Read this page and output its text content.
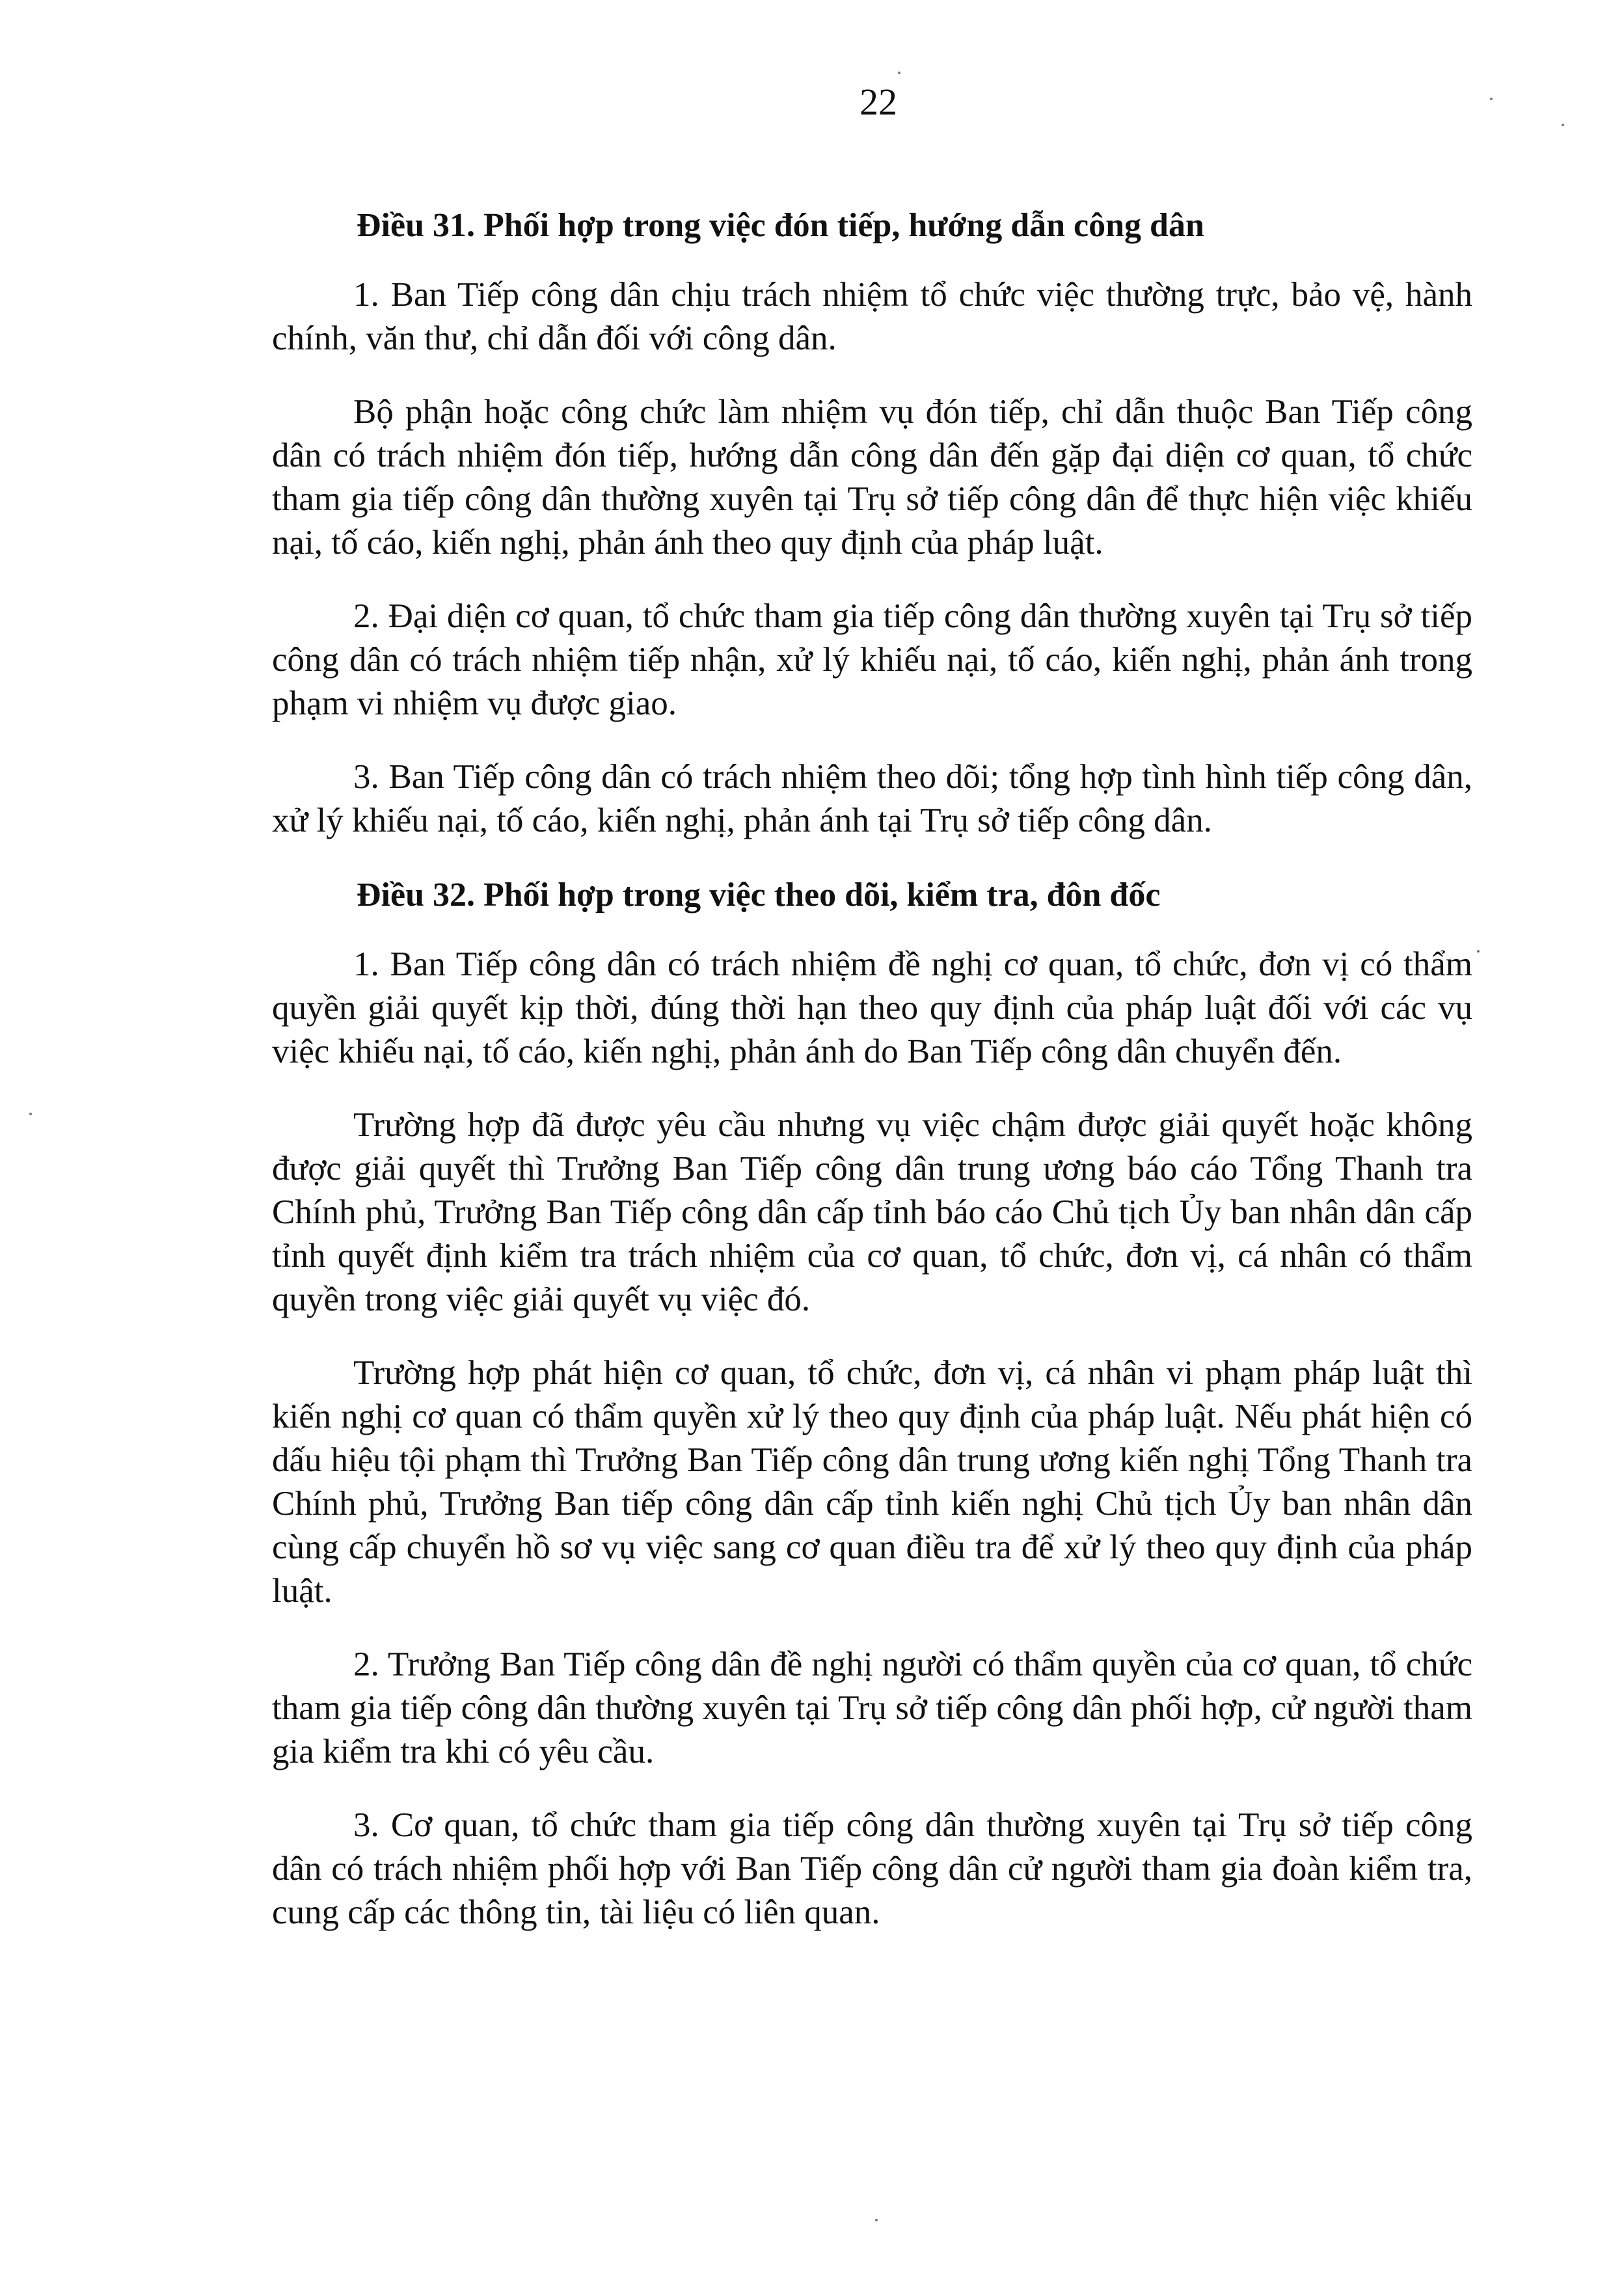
22

Điều 31. Phối hợp trong việc đón tiếp, hướng dẫn công dân

1. Ban Tiếp công dân chịu trách nhiệm tổ chức việc thường trực, bảo vệ, hành chính, văn thư, chỉ dẫn đối với công dân.

Bộ phận hoặc công chức làm nhiệm vụ đón tiếp, chỉ dẫn thuộc Ban Tiếp công dân có trách nhiệm đón tiếp, hướng dẫn công dân đến gặp đại diện cơ quan, tổ chức tham gia tiếp công dân thường xuyên tại Trụ sở tiếp công dân để thực hiện việc khiếu nại, tố cáo, kiến nghị, phản ánh theo quy định của pháp luật.

2. Đại diện cơ quan, tổ chức tham gia tiếp công dân thường xuyên tại Trụ sở tiếp công dân có trách nhiệm tiếp nhận, xử lý khiếu nại, tố cáo, kiến nghị, phản ánh trong phạm vi nhiệm vụ được giao.

3. Ban Tiếp công dân có trách nhiệm theo dõi; tổng hợp tình hình tiếp công dân, xử lý khiếu nại, tố cáo, kiến nghị, phản ánh tại Trụ sở tiếp công dân.

Điều 32. Phối hợp trong việc theo dõi, kiểm tra, đôn đốc

1. Ban Tiếp công dân có trách nhiệm đề nghị cơ quan, tổ chức, đơn vị có thẩm quyền giải quyết kịp thời, đúng thời hạn theo quy định của pháp luật đối với các vụ việc khiếu nại, tố cáo, kiến nghị, phản ánh do Ban Tiếp công dân chuyển đến.

Trường hợp đã được yêu cầu nhưng vụ việc chậm được giải quyết hoặc không được giải quyết thì Trưởng Ban Tiếp công dân trung ương báo cáo Tổng Thanh tra Chính phủ, Trưởng Ban Tiếp công dân cấp tỉnh báo cáo Chủ tịch Ủy ban nhân dân cấp tỉnh quyết định kiểm tra trách nhiệm của cơ quan, tổ chức, đơn vị, cá nhân có thẩm quyền trong việc giải quyết vụ việc đó.

Trường hợp phát hiện cơ quan, tổ chức, đơn vị, cá nhân vi phạm pháp luật thì kiến nghị cơ quan có thẩm quyền xử lý theo quy định của pháp luật. Nếu phát hiện có dấu hiệu tội phạm thì Trưởng Ban Tiếp công dân trung ương kiến nghị Tổng Thanh tra Chính phủ, Trưởng Ban tiếp công dân cấp tỉnh kiến nghị Chủ tịch Ủy ban nhân dân cùng cấp chuyển hồ sơ vụ việc sang cơ quan điều tra để xử lý theo quy định của pháp luật.

2. Trưởng Ban Tiếp công dân đề nghị người có thẩm quyền của cơ quan, tổ chức tham gia tiếp công dân thường xuyên tại Trụ sở tiếp công dân phối hợp, cử người tham gia kiểm tra khi có yêu cầu.

3. Cơ quan, tổ chức tham gia tiếp công dân thường xuyên tại Trụ sở tiếp công dân có trách nhiệm phối hợp với Ban Tiếp công dân cử người tham gia đoàn kiểm tra, cung cấp các thông tin, tài liệu có liên quan.
